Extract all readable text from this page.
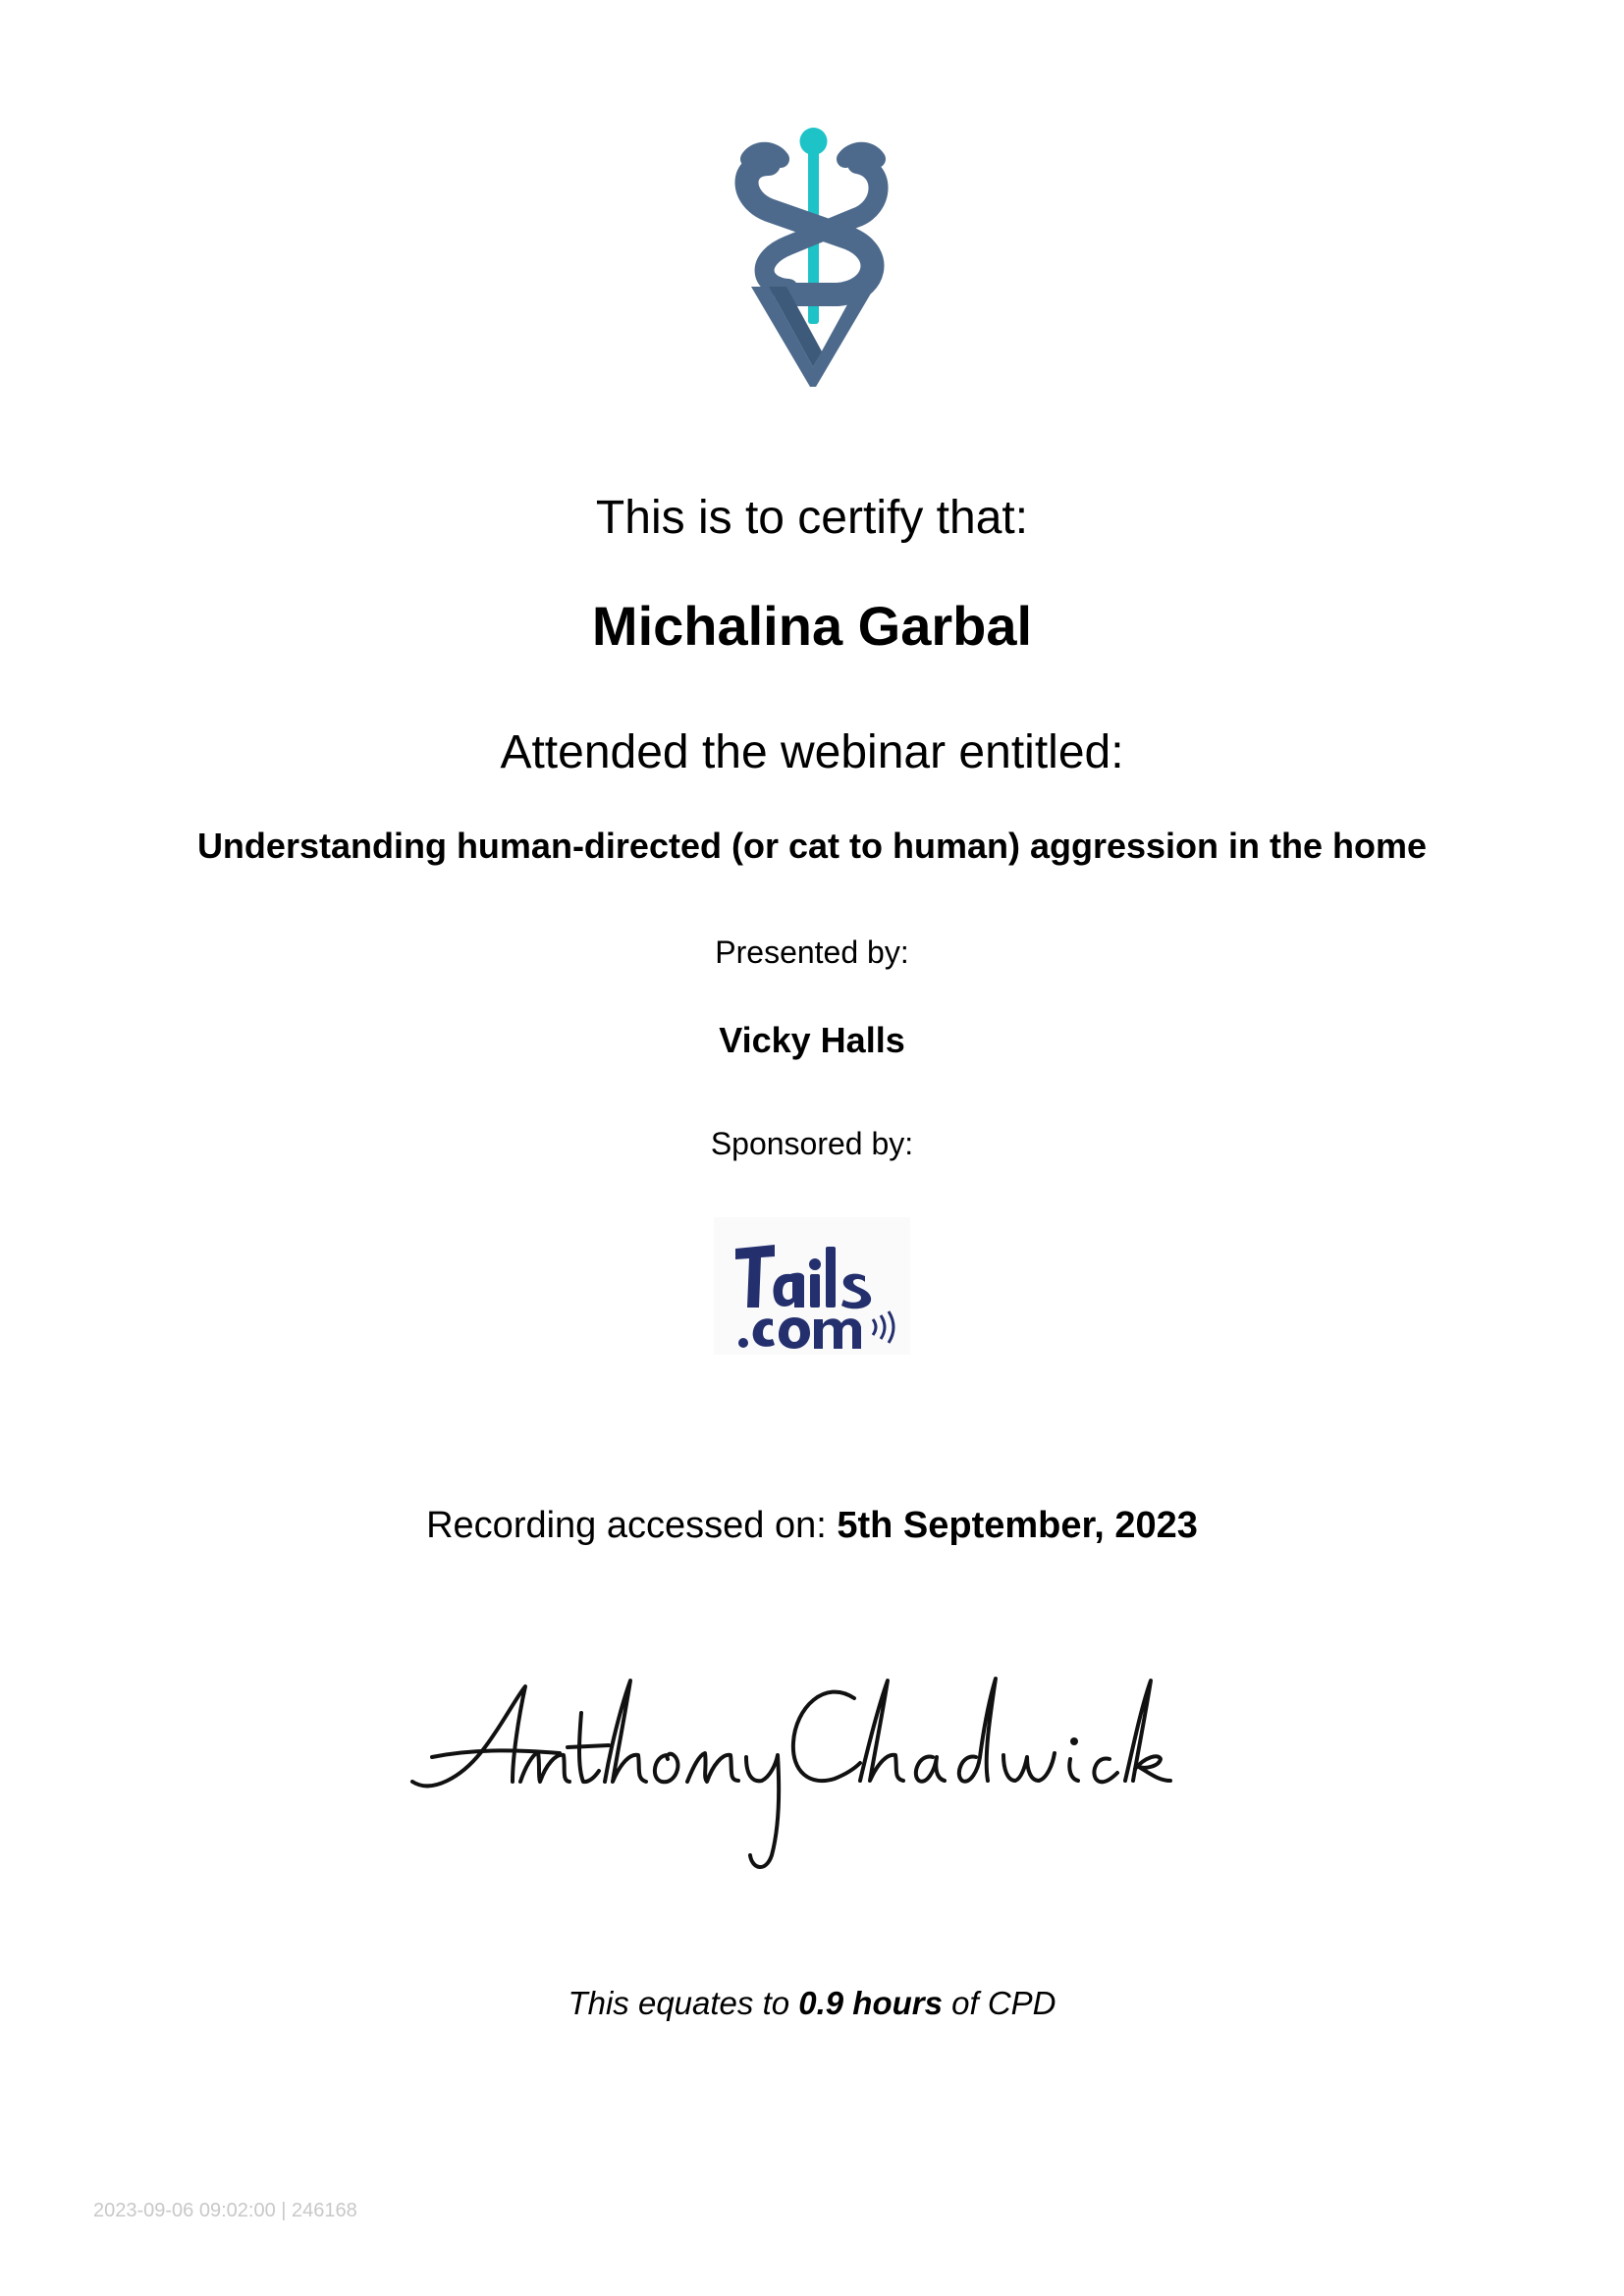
This is to certify that:
Michalina Garbal
Attended the webinar entitled:
Understanding human-directed (or cat to human) aggression in the home
Presented by:
Vicky Halls
Sponsored by:
Recording accessed on: 5th September, 2023
This equates to 0.9 hours of CPD
2023-09-06 09:02:00 | 246168
